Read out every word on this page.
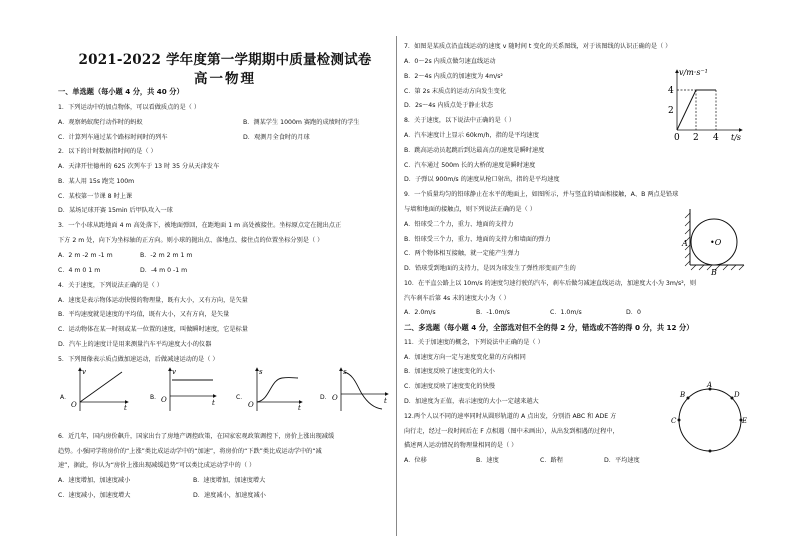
2021-2022 学年度第一学期期中质量检测试卷
高一物理
一、单选题（每小题 4 分，共 40 分）
1．下列运动中的加点物体，可以看做质点的是（ ）
A．观察蚂蚁爬行动作时的蚂蚁	B．测某学生 1000m 赛跑的成绩时的学生
C．计算列车通过某个路标时间时的列车	D．观测月全食时的月球
2．以下的计时数据指时间的是（ ）
A．天津开往德州的 625 次列车于 13 时 35 分从天津发车
B．某人用 15s 跑完 100m
C．某校第一节课 8 时上课
D．某场足球开赛 15min 后甲队攻入一球
3．一个小球从距地面 4 m 高处落下，被地面弹回，在距地面 1 m 高处被接住。坐标原点定在抛出点正
下方 2 m 处，向下为坐标轴的正方向。则小球的抛出点、落地点、接住点的位置坐标分别是（ ）
A．2 m -2 m -1 m	B．-2 m 2 m 1 m
C．4 m 0 1 m	D．-4 m 0 -1 m
4．关于速度，下列说法正确的是（ ）
A．速度是表示物体运动快慢的物理量，既有大小，又有方向，是矢量
B．平均速度就是速度的平均值，既有大小，又有方向，是矢量
C．运动物体在某一时刻或某一位置的速度，叫做瞬时速度，它是标量
D．汽车上的速度计是用来测量汽车平均速度大小的仪器
5．下列图像表示质点做加速运动，后做减速运动的是（ ）
A．
v
O	t
B．
v
O	t
C．
s
O	t
D．
s
O	t
6．近几年，国内房价飙升，国家出台了房地产调控政策，在国家宏观政策调控下，房价上涨出现减缓
趋势。小强同学将房价的“上涨”类比成运动学中的“加速”，将房价的“下跌”类比成运动学中的“减
速”，据此，你认为“房价上涨出现减缓趋势”可以类比成运动学中的（ ）
A．速度增加，加速度减小	B．速度增加，加速度增大
C．速度减小，加速度增大	D．速度减小，加速度减小
7．如图是某质点沿直线运动的速度 v 随时间 t 变化的关系图线，对于该图线的认识正确的是（ ）
A．0～2s 内质点做匀速直线运动
B．2～4s 内质点的加速度为 4m/s²
C．第 2s 末质点的运动方向发生变化
D．2s～4s 内质点处于静止状态
v/m·s⁻¹
4
2
0 2 4 t/s
8．关于速度，以下说法中正确的是（ ）
A．汽车速度计上显示 60km/h，指的是平均速度
B．跳高运动员起跳后到达最高点的速度是瞬时速度
C．汽车通过 500m 长的大桥的速度是瞬时速度
D．子弹以 900m/s 的速度从枪口射出，指的是平均速度
9．一个质量均匀的铅球静止在水平的地面上，如图所示，并与竖直的墙面相接触，A、B 两点是铅球
与墙和地面的接触点，则下列说法正确的是（ ）
A．铅球受二个力，重力、地面的支持力
B．铅球受三个力，重力、地面的支持力和墙面的弹力
C．两个物体相互接触，就一定能产生弹力
D．铅球受到地面的支持力，是因为球发生了弹性形变而产生的
•O
A
B
10．在平直公路上以 10m/s 的速度匀速行驶的汽车，刹车后做匀减速直线运动，加速度大小为 3m/s²，则
汽车刹车后第 4s 末的速度大小为（ ）
A．2.0m/s	B．-1.0m/s	C．1.0m/s	D．0
二、多选题（每小题 4 分，全部选对但不全的得 2 分，错选或不答的得 0 分，共 12 分）
11．关于加速度的概念，下列说法中正确的是（ ）
A．加速度方向一定与速度变化量的方向相同
B．加速度反映了速度变化的大小
C．加速度反映了速度变化的快慢
D．加速度为正值，表示速度的大小一定越来越大
12.两个人以不同的速率同时从圆形轨道的 A 点出发，分别沿 ABC 和 ADE 方
向行走，经过一段时间后在 F 点相遇（图中未画出），从出发到相遇的过程中，
描述两人运动情况的物理量相同的是（ ）
A．位移	B．速度	C．路程	D．平均速度
A
B	D
C	E
